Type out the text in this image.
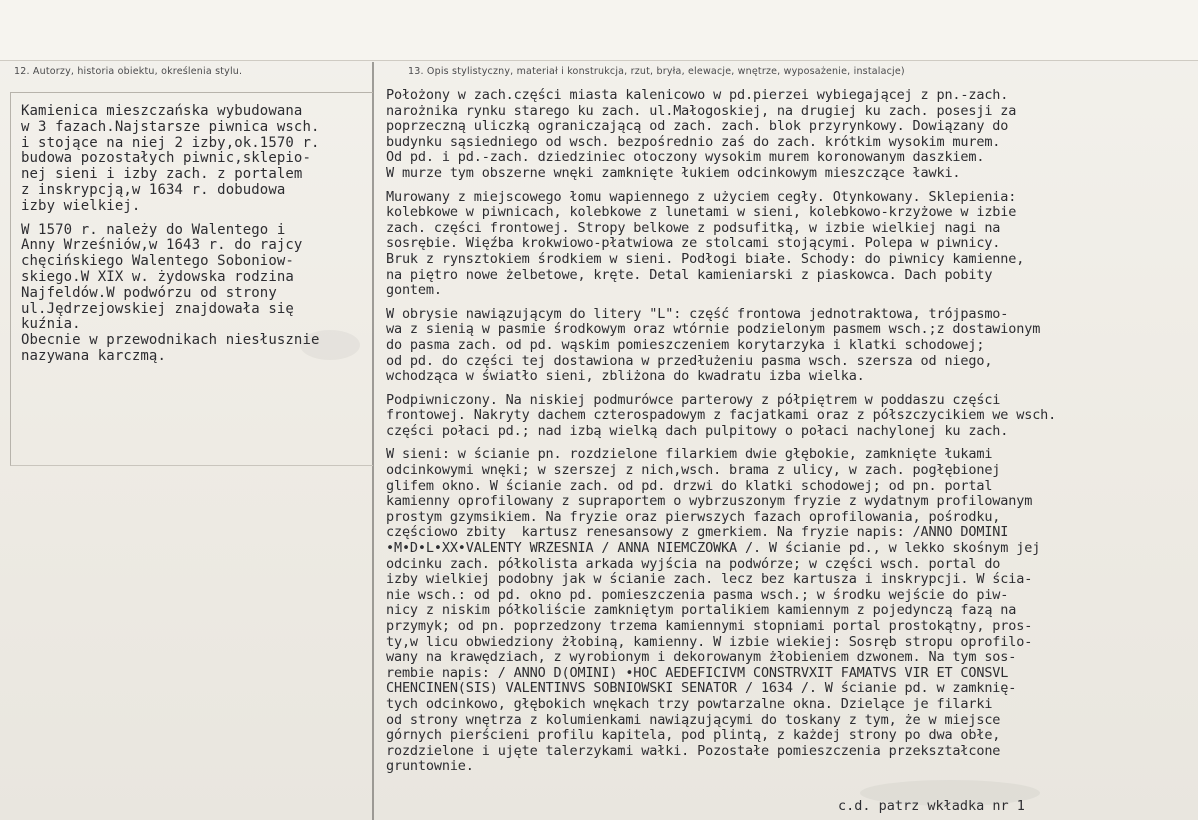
12. Autorzy, historia obiektu, określenia stylu.	13. Opis stylistyczny, materiał i konstrukcja, rzut, bryła, elewacje, wnętrze, wyposażenie, instalacje)
Kamienica mieszczańska wybudowana
w 3 fazach.Najstarsze piwnica wsch.
i stojące na niej 2 izby,ok.1570 r.
budowa pozostałych piwnic,sklepio-
nej sieni i izby zach. z portalem
z inskrypcją,w 1634 r. dobudowa
izby wielkiej.
W 1570 r. należy do Walentego i
Anny Wrześniów,w 1643 r. do rajcy
chęcińskiego Walentego Soboniow-
skiego.W XIX w. żydowska rodzina
Najfeldów.W podwórzu od strony
ul.Jędrzejowskiej znajdowała się
kuźnia.
Obecnie w przewodnikach niesłusznie
nazywana karczmą.
Położony w zach.części miasta kalenicowo w pd.pierzei wybiegającej z pn.-zach.
narożnika rynku starego ku zach. ul.Małogoskiej, na drugiej ku zach. posesji za
poprzeczną uliczką ograniczającą od zach. zach. blok przyrynkowy. Dowiązany do
budynku sąsiedniego od wsch. bezpośrednio zaś do zach. krótkim wysokim murem.
Od pd. i pd.-zach. dziedziniec otoczony wysokim murem koronowanym daszkiem.
W murze tym obszerne wnęki zamknięte łukiem odcinkowym mieszczące ławki.
Murowany z miejscowego łomu wapiennego z użyciem cegły. Otynkowany. Sklepienia:
kolebkowe w piwnicach, kolebkowe z lunetami w sieni, kolebkowo-krzyżowe w izbie
zach. części frontowej. Stropy belkowe z podsufitką, w izbie wielkiej nagi na
sosrębie. Więźba krokwiowo-płatwiowa ze stolcami stojącymi. Polepa w piwnicy.
Bruk z rynsztokiem środkiem w sieni. Podłogi białe. Schody: do piwnicy kamienne,
na piętro nowe żelbetowe, kręte. Detal kamieniarski z piaskowca. Dach pobity
gontem.
W obrysie nawiązującym do litery "L": część frontowa jednotraktowa, trójpasmo-
wa z sienią w pasmie środkowym oraz wtórnie podzielonym pasmem wsch.;z dostawionym
do pasma zach. od pd. wąskim pomieszczeniem korytarzyka i klatki schodowej;
od pd. do części tej dostawiona w przedłużeniu pasma wsch. szersza od niego,
wchodząca w światło sieni, zbliżona do kwadratu izba wielka.
Podpiwniczony. Na niskiej podmurówce parterowy z półpiętrem w poddaszu części
frontowej. Nakryty dachem czterospadowym z facjatkami oraz z półszczycikiem we wsch.
części połaci pd.; nad izbą wielką dach pulpitowy o połaci nachylonej ku zach.
W sieni: w ścianie pn. rozdzielone filarkiem dwie głębokie, zamknięte łukami
odcinkowymi wnęki; w szerszej z nich,wsch. brama z ulicy, w zach. pogłębionej
glifem okno. W ścianie zach. od pd. drzwi do klatki schodowej; od pn. portal
kamienny oprofilowany z supraportem o wybrzuszonym fryzie z wydatnym profilowanym
prostym gzymsikiem. Na fryzie oraz pierwszych fazach oprofilowania, pośrodku,
częściowo zbity  kartusz renesansowy z gmerkiem. Na fryzie napis: /ANNO DOMINI
•M•D•L•XX•VALENTY WRZESNIA / ANNA NIEMCZOWKA /. W ścianie pd., w lekko skośnym jej
odcinku zach. półkolista arkada wyjścia na podwórze; w części wsch. portal do
izby wielkiej podobny jak w ścianie zach. lecz bez kartusza i inskrypcji. W ścia-
nie wsch.: od pd. okno pd. pomieszczenia pasma wsch.; w środku wejście do piw-
nicy z niskim półkoliście zamkniętym portalikiem kamiennym z pojedynczą fazą na
przymyk; od pn. poprzedzony trzema kamiennymi stopniami portal prostokątny, pros-
ty,w licu obwiedziony żłobiną, kamienny. W izbie wiekiej: Sosręb stropu oprofilo-
wany na krawędziach, z wyrobionym i dekorowanym żłobieniem dzwonem. Na tym sos-
rembie napis: / ANNO D(OMINI) •HOC AEDEFICIVM CONSTRVXIT FAMATVS VIR ET CONSVL
CHENCINEN(SIS) VALENTINVS SOBNIOWSKI SENATOR / 1634 /. W ścianie pd. w zamknię-
tych odcinkowo, głębokich wnękach trzy powtarzalne okna. Dzielące je filarki
od strony wnętrza z kolumienkami nawiązującymi do toskany z tym, że w miejsce
górnych pierścieni profilu kapitela, pod plintą, z każdej strony po dwa obłe,
rozdzielone i ujęte talerzykami wałki. Pozostałe pomieszczenia przekształcone
gruntownie.
c.d. patrz wkładka nr 1
